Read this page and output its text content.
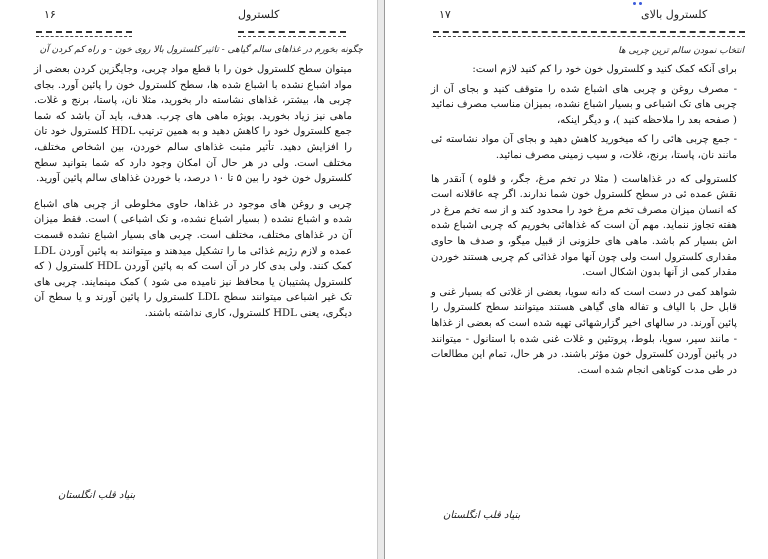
۱۶	کلسترول
چگونه بخورم در غذاهای سالم گیاهی - تاثیر کلسترول بالا روی خون - و راه کم کردن آن

میتوان سطح کلسترول خون را با قطع مواد چربی، وجایگزین کردن بعضی از مواد اشباع نشده با اشباع شده ها، سطح کلسترول خون را پائین آورد. بجای چربی ها، بیشتر، غذاهای نشاسته دار بخورید، مثلا نان، پاستا، برنج و غلات. ماهی نیز زیاد بخورید. بویژه ماهی های چرب. هدف، باید آن باشد که شما جمع کلسترول خود را کاهش دهید و به همین ترتیب HDL کلسترول خود تان را افزایش دهید. تأثیر مثبت غذاهای سالم خوردن، بین اشخاص مختلف، مختلف است. ولی در هر حال آن امکان وجود دارد که شما بتوانید سطح کلسترول خون خود را بین ۵ تا ۱۰ درصد، با خوردن غذاهای سالم پائین آورید.

چربی و روغن های موجود در غذاها، حاوی مخلوطی از چربی های اشباع شده و اشباع نشده ( بسیار اشباع نشده، و تک اشباعی ) است. فقط میزان آن در غذاهای مختلف، مختلف است. چربی های بسیار اشباع نشده قسمت عمده و لازم رژیم غذائی ما را تشکیل میدهند و میتوانند به پائین آوردن LDL کمک کنند. ولی بدی کار در آن است که به پائین آوردن HDL کلسترول ( که کلسترول پشتیبان یا محافظ نیز نامیده می شود ) کمک مینمایند. چربی های تک غیر اشباعی میتوانند سطح LDL کلسترول را پائین آورند و یا سطح آن دیگری، یعنی HDL کلسترول، کاری نداشته باشند.

بنیاد قلب انگلستان
۱۷	کلسترول بالای
انتخاب نمودن سالم ترین چربی ها

برای آنکه کمک کنید و کلسترول خون خود را کم کنید لازم است:

- مصرف روغن و چربی های اشباع شده را متوقف کنید و بجای آن از چربی های تک اشباعی و بسیار اشباع نشده، بمیزان مناسب مصرف نمائید ( صفحه بعد را ملاحظه کنید )، و دیگر اینکه،

- جمع چربی هائی را که میخورید کاهش دهید و بجای آن مواد نشاسته ئی مانند نان، پاستا، برنج، غلات، و سیب زمینی مصرف نمائید.

کلسترولی که در غذاهاست ( مثلا در تخم مرغ، جگر، و قلوه ) آنقدر ها نقش عمده ئی در سطح کلسترول خون شما ندارند. اگر چه عاقلانه است که انسان میزان مصرف تخم مرغ خود را محدود کند و از سه تخم مرغ در هفته تجاوز ننماید. مهم آن است که غذاهائی بخوریم که چربی اشباع شده اش بسیار کم باشد. ماهی های حلزونی از قبیل میگو، و صدف ها حاوی مقداری کلسترول است ولی چون آنها مواد غذائی کم چربی هستند خوردن مقدار کمی از آنها بدون اشکال است.

شواهد کمی در دست است که دانه سویا، بعضی از غلاتی که بسیار غنی و قابل حل با الیاف و تفاله های گیاهی هستند میتوانند سطح کلسترول را پائین آورند. در سالهای اخیر گزارشهائی تهیه شده است که بعضی از غذاها - مانند سیر، سویا، بلوط، پروتئین و غلات غنی شده با استانول - میتوانند در پائین آوردن کلسترول خون مؤثر باشند. در هر حال، تمام این مطالعات در طی مدت کوتاهی انجام شده است.

بنیاد قلب انگلستان
